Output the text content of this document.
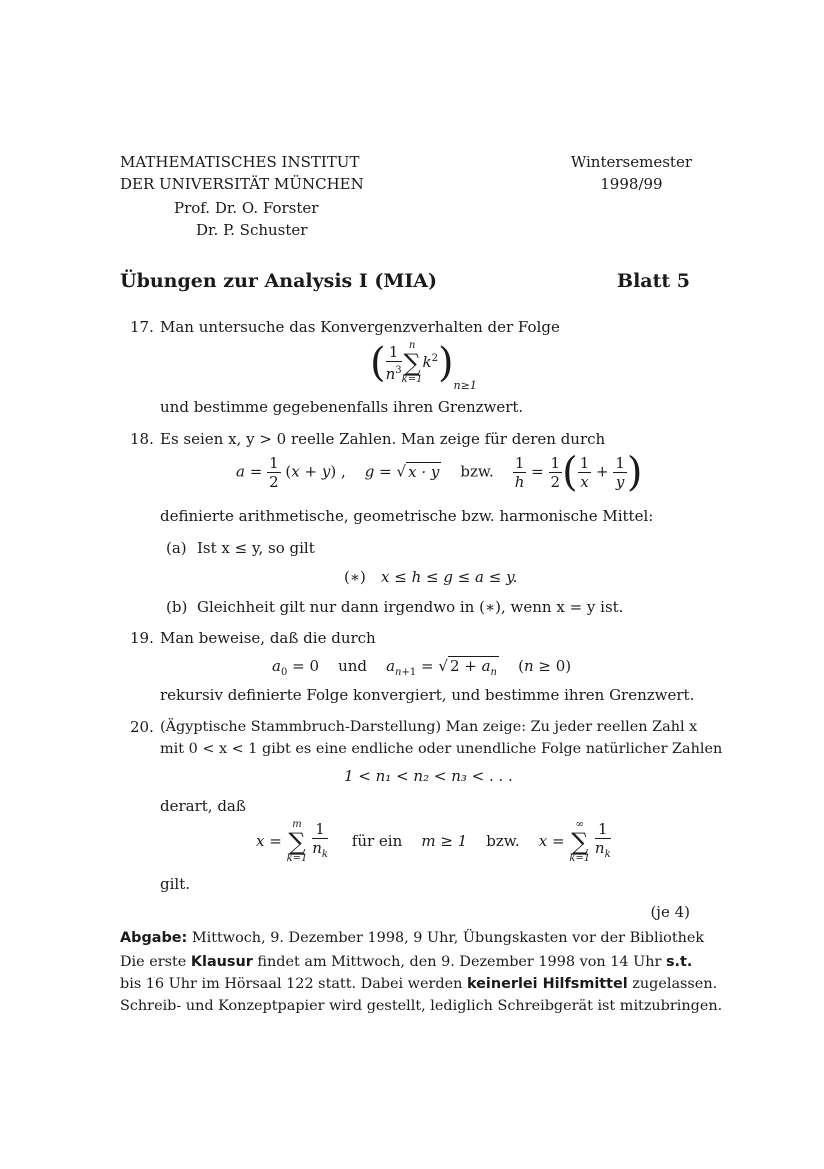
MATHEMATISCHES INSTITUT
DER UNIVERSITÄT MÜNCHEN
Prof. Dr. O. Forster
Dr. P. Schuster
Wintersemester
1998/99
Übungen zur Analysis I (MIA)	Blatt 5
17. Man untersuche das Konvergenzverhalten der Folge
( $\frac{1}{n^3}$ n
∑
k=1
$k^2)_{n\ge 1}$
und bestimme gegebenenfalls ihren Grenzwert.
18. Es seien x, y > 0 reelle Zahlen. Man zeige für deren durch
$a = \frac{1}{2} (x + y)$ ,    g = √ x · y bzw. $\frac{1}{h} = \frac{1}{2}$ ( $\frac{1}{x} + \frac{1}{y}$ )
definierte arithmetische, geometrische bzw. harmonische Mittel:
(a) Ist x ≤ y, so gilt
(∗) x ≤ h ≤ g ≤ a ≤ y.
(b) Gleichheit gilt nur dann irgendwo in (∗), wenn x = y ist.
19. Man beweise, daß die durch
$a_0 = 0$ und    $a_{n+1}$ = √ $2 + a_n$ (n ≥ 0)
rekursiv definierte Folge konvergiert, und bestimme ihren Grenzwert.
20. (Ägyptische Stammbruch-Darstellung) Man zeige: Zu jeder reellen Zahl x
mit 0 < x < 1 gibt es eine endliche oder unendliche Folge natürlicher Zahlen
1 < n₁ < n₂ < n₃ < . . .
derart, daß
x =
m
∑
k=1
$\frac{1}{n_k}$ für ein m ≥ 1 bzw.    x =
∞
∑
k=1
$\frac{1}{n_k}$
gilt.
(je 4)
Abgabe: Mittwoch, 9. Dezember 1998, 9 Uhr, Übungskasten vor der Bibliothek
Die erste Klausur findet am Mittwoch, den 9. Dezember 1998 von 14 Uhr s.t.
bis 16 Uhr im Hörsaal 122 statt. Dabei werden keinerlei Hilfsmittel zugelassen.
Schreib- und Konzeptpapier wird gestellt, lediglich Schreibgerät ist mitzubringen.
